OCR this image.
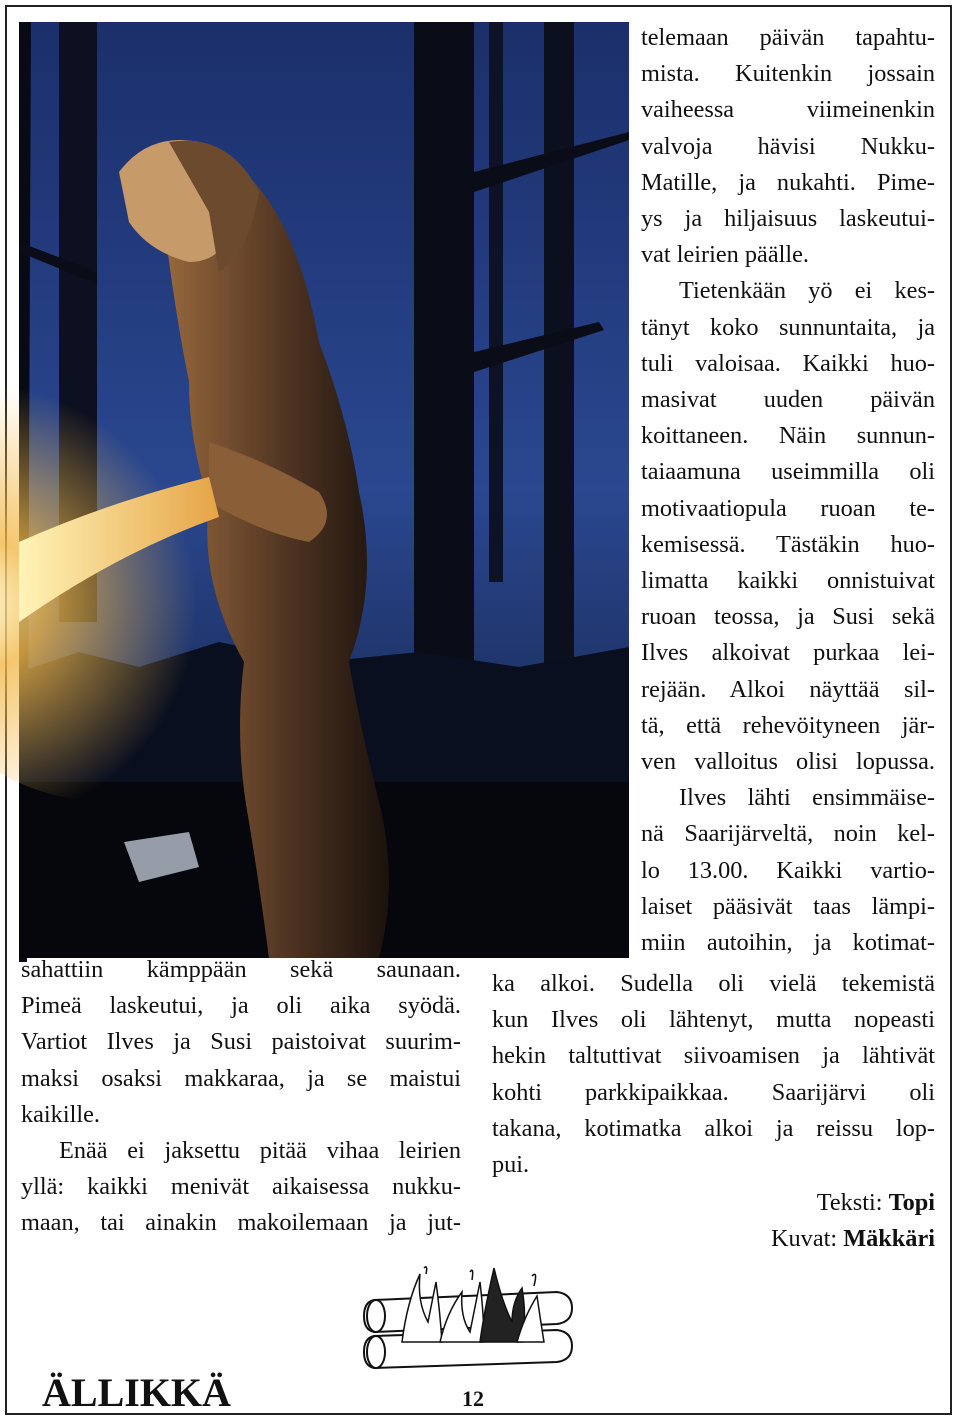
telemaan päivän tapahtu-
mista. Kuitenkin jossain
vaiheessa viimeinenkin
valvoja hävisi Nukku-
Matille, ja nukahti. Pime-
ys ja hiljaisuus laskeutui-
vat leirien päälle.

Tietenkään yö ei kes-
tänyt koko sunnuntaita, ja
tuli valoisaa. Kaikki huo-
masivat uuden päivän
koittaneen. Näin sunnun-
taiaamuna useimmilla oli
motivaatiopula ruoan te-
kemisessä. Tästäkin huo-
limatta kaikki onnistuivat
ruoan teossa, ja Susi sekä
Ilves alkoivat purkaa lei-
rejään. Alkoi näyttää sil-
tä, että rehevöityneen jär-
ven valloitus olisi lopussa.

Ilves lähti ensimmäise-
nä Saarijärveltä, noin kel-
lo 13.00. Kaikki vartio-
laiset pääsivät taas lämpi-
miin autoihin, ja kotimat-

ka alkoi. Sudella oli vielä tekemistä
kun Ilves oli lähtenyt, mutta nopeasti
hekin taltuttivat siivoamisen ja lähtivät
kohti parkkipaikkaa. Saarijärvi oli
takana, kotimatka alkoi ja reissu lop-
pui.

sahattiin kämppään sekä saunaan.
Pimeä laskeutui, ja oli aika syödä.
Vartiot Ilves ja Susi paistoivat suurim-
maksi osaksi makkaraa, ja se maistui
kaikille.

Enää ei jaksettu pitää vihaa leirien
yllä: kaikki menivät aikaisessa nukku-
maan, tai ainakin makoilemaan ja jut-

Teksti: Topi
Kuvat: Mäkkäri
ÄLLIKKÄ	12
